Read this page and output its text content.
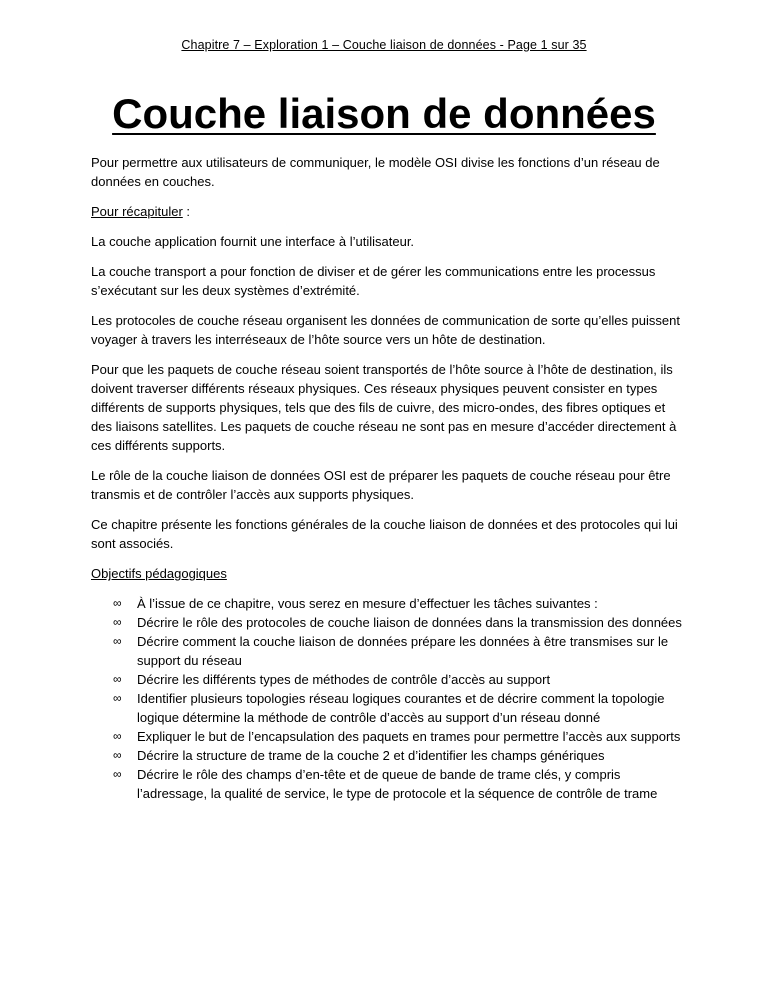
Chapitre 7 – Exploration 1 – Couche liaison de données - Page 1 sur 35
Couche liaison de données

Pour permettre aux utilisateurs de communiquer, le modèle OSI divise les fonctions d’un réseau de données en couches.

Pour récapituler :

La couche application fournit une interface à l’utilisateur.

La couche transport a pour fonction de diviser et de gérer les communications entre les processus s’exécutant sur les deux systèmes d’extrémité.

Les protocoles de couche réseau organisent les données de communication de sorte qu’elles puissent voyager à travers les interréseaux de l’hôte source vers un hôte de destination.

Pour que les paquets de couche réseau soient transportés de l’hôte source à l’hôte de destination, ils doivent traverser différents réseaux physiques. Ces réseaux physiques peuvent consister en types différents de supports physiques, tels que des fils de cuivre, des micro-ondes, des fibres optiques et des liaisons satellites. Les paquets de couche réseau ne sont pas en mesure d’accéder directement à ces différents supports.

Le rôle de la couche liaison de données OSI est de préparer les paquets de couche réseau pour être transmis et de contrôler l’accès aux supports physiques.

Ce chapitre présente les fonctions générales de la couche liaison de données et des protocoles qui lui sont associés.

Objectifs pédagogiques
∞ À l’issue de ce chapitre, vous serez en mesure d’effectuer les tâches suivantes :
∞ Décrire le rôle des protocoles de couche liaison de données dans la transmission des données
∞ Décrire comment la couche liaison de données prépare les données à être transmises sur le support du réseau
∞ Décrire les différents types de méthodes de contrôle d’accès au support
∞ Identifier plusieurs topologies réseau logiques courantes et de décrire comment la topologie logique détermine la méthode de contrôle d’accès au support d’un réseau donné
∞ Expliquer le but de l’encapsulation des paquets en trames pour permettre l’accès aux supports
∞ Décrire la structure de trame de la couche 2 et d’identifier les champs génériques
∞ Décrire le rôle des champs d’en-tête et de queue de bande de trame clés, y compris l’adressage, la qualité de service, le type de protocole et la séquence de contrôle de trame
